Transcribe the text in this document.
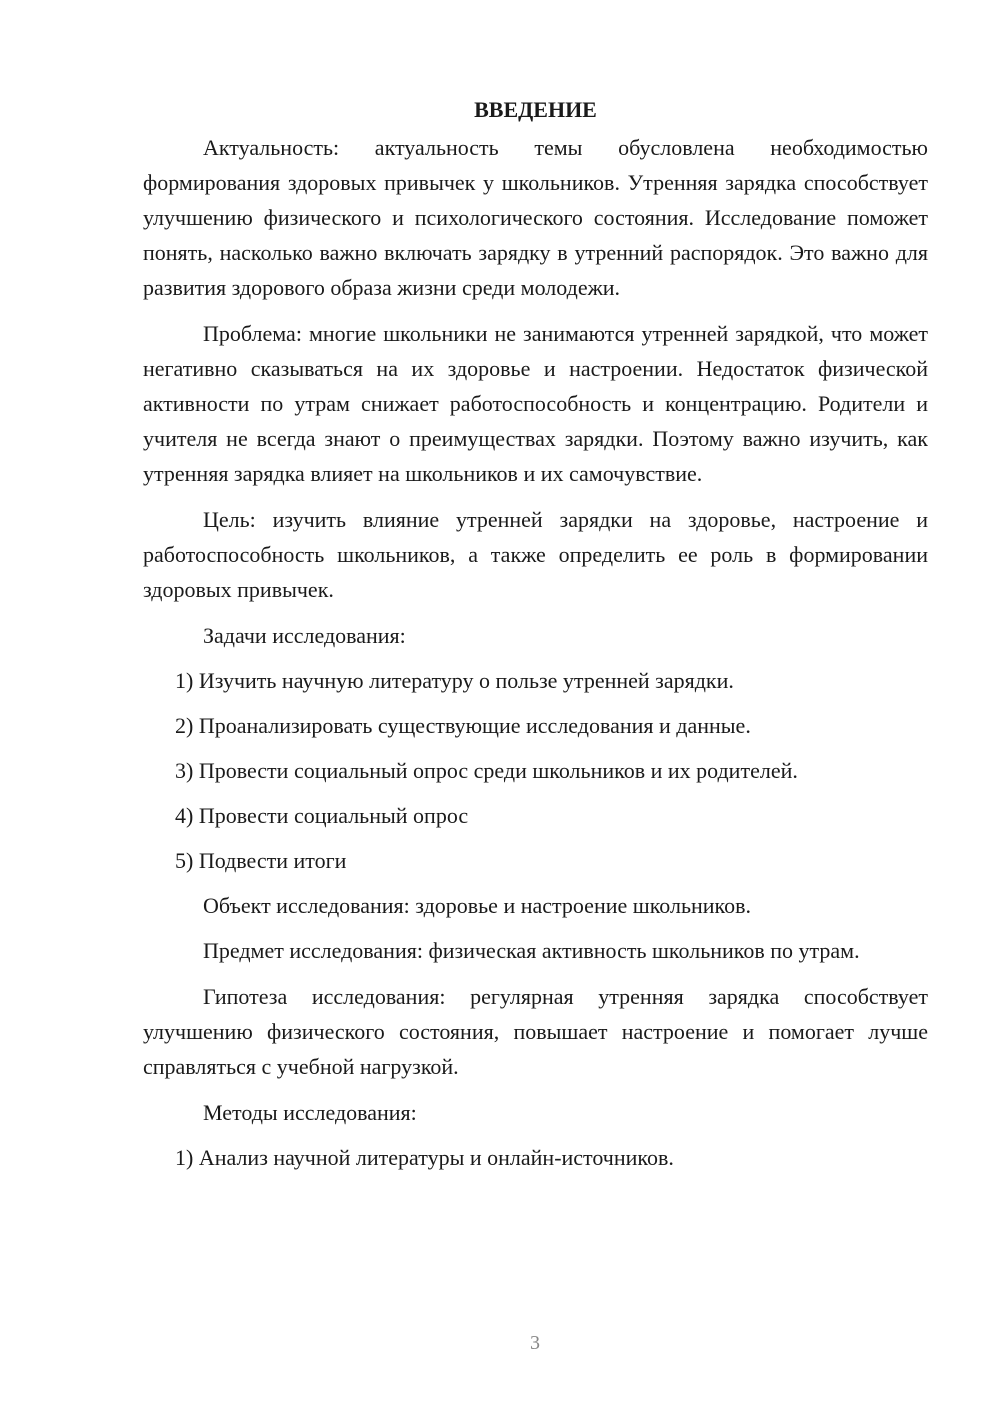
ВВЕДЕНИЕ

Актуальность: актуальность темы обусловлена необходимостью формирования здоровых привычек у школьников. Утренняя зарядка способствует улучшению физического и психологического состояния. Исследование поможет понять, насколько важно включать зарядку в утренний распорядок. Это важно для развития здорового образа жизни среди молодежи.

Проблема: многие школьники не занимаются утренней зарядкой, что может негативно сказываться на их здоровье и настроении. Недостаток физической активности по утрам снижает работоспособность и концентрацию. Родители и учителя не всегда знают о преимуществах зарядки. Поэтому важно изучить, как утренняя зарядка влияет на школьников и их самочувствие.

Цель: изучить влияние утренней зарядки на здоровье, настроение и работоспособность школьников, а также определить ее роль в формировании здоровых привычек.

Задачи исследования:

1) Изучить научную литературу о пользе утренней зарядки.
2) Проанализировать существующие исследования и данные.
3) Провести социальный опрос среди школьников и их родителей.
4) Провести социальный опрос
5) Подвести итоги

Объект исследования: здоровье и настроение школьников.

Предмет исследования: физическая активность школьников по утрам.

Гипотеза исследования: регулярная утренняя зарядка способствует улучшению физического состояния, повышает настроение и помогает лучше справляться с учебной нагрузкой.

Методы исследования:

1) Анализ научной литературы и онлайн-источников.
3
